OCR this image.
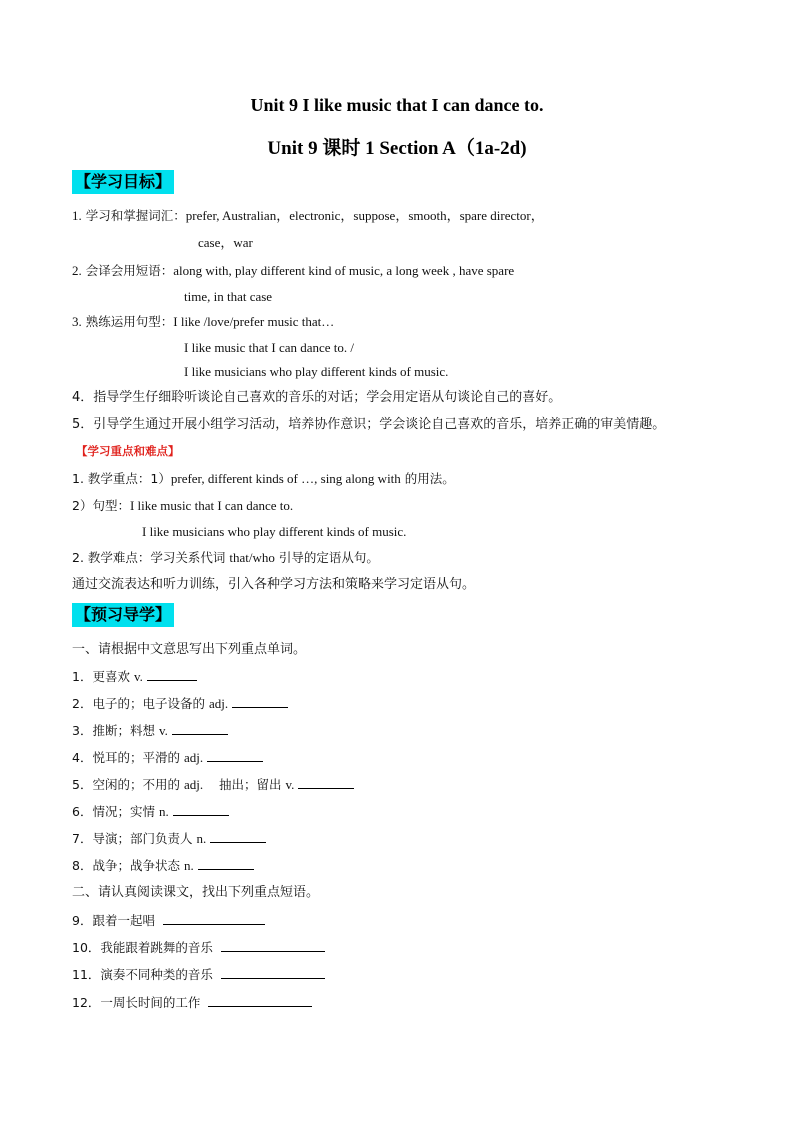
Unit 9 I like music that I can dance to.
Unit 9 课时 1 Section A（1a-2d)
【学习目标】
1. 学习和掌握词汇：prefer, Australian，electronic，suppose，smooth，spare director，
case，war
2. 会译会用短语：along with, play different kind of music, a long week , have spare
time, in that case
3. 熟练运用句型：I like /love/prefer music that…
I like music that I can dance to. /
I like musicians who play different kinds of music.
4．指导学生仔细聆听谈论自己喜欢的音乐的对话；学会用定语从句谈论自己的喜好。
5．引导学生通过开展小组学习活动，培养协作意识；学会谈论自己喜欢的音乐，培养正确的审美情趣。
【学习重点和难点】
1. 教学重点：1）prefer, different kinds of …, sing along with 的用法。
2）句型：I like music that I can dance to.
I like musicians who play different kinds of music.
2. 教学难点：学习关系代词 that/who 引导的定语从句。
通过交流表达和听力训练，引入各种学习方法和策略来学习定语从句。
【预习导学】
一、请根据中文意思写出下列重点单词。
1．更喜欢 v.
2．电子的；电子设备的 adj.
3．推断；料想 v.
4．悦耳的；平滑的 adj.
5．空闲的；不用的 adj. 抽出；留出 v.
6．情况；实情 n.
7．导演；部门负责人 n.
8．战争；战争状态 n.
二、请认真阅读课文，找出下列重点短语。
9．跟着一起唱
10．我能跟着跳舞的音乐
11．演奏不同种类的音乐
12．一周长时间的工作
